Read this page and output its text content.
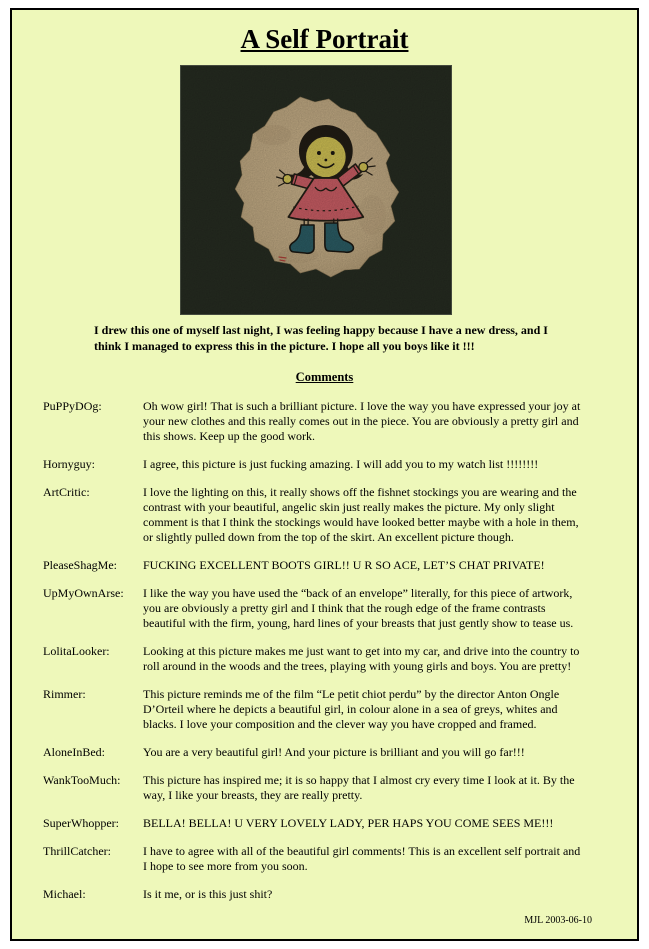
A Self Portrait

I drew this one of myself last night, I was feeling happy because I have a new dress, and I think I managed to express this in the picture. I hope all you boys like it !!!

Comments
PuPPyDOg:	Oh wow girl! That is such a brilliant picture. I love the way you have expressed your joy at your new clothes and this really comes out in the piece. You are obviously a pretty girl and this shows. Keep up the good work.
Hornyguy:	I agree, this picture is just fucking amazing. I will add you to my watch list !!!!!!!!
ArtCritic:	I love the lighting on this, it really shows off the fishnet stockings you are wearing and the contrast with your beautiful, angelic skin just really makes the picture. My only slight comment is that I think the stockings would have looked better maybe with a hole in them, or slightly pulled down from the top of the skirt. An excellent picture though.
PleaseShagMe:	FUCKING EXCELLENT BOOTS GIRL!! U R SO ACE, LET’S CHAT PRIVATE!
UpMyOwnArse:	I like the way you have used the “back of an envelope” literally, for this piece of artwork, you are obviously a pretty girl and I think that the rough edge of the frame contrasts beautiful with the firm, young, hard lines of your breasts that just gently show to tease us.
LolitaLooker:	Looking at this picture makes me just want to get into my car, and drive into the country to roll around in the woods and the trees, playing with young girls and boys. You are pretty!
Rimmer:	This picture reminds me of the film “Le petit chiot perdu” by the director Anton Ongle D’Orteil where he depicts a beautiful girl, in colour alone in a sea of greys, whites and blacks. I love your composition and the clever way you have cropped and framed.
AloneInBed:	You are a very beautiful girl! And your picture is brilliant and you will go far!!!
WankTooMuch:	This picture has inspired me; it is so happy that I almost cry every time I look at it. By the way, I like your breasts, they are really pretty.
SuperWhopper:	BELLA! BELLA! U VERY LOVELY LADY, PER HAPS YOU COME SEES ME!!!
ThrillCatcher:	I have to agree with all of the beautiful girl comments! This is an excellent self portrait and I hope to see more from you soon.
Michael:	Is it me, or is this just shit?
MJL 2003-06-10
